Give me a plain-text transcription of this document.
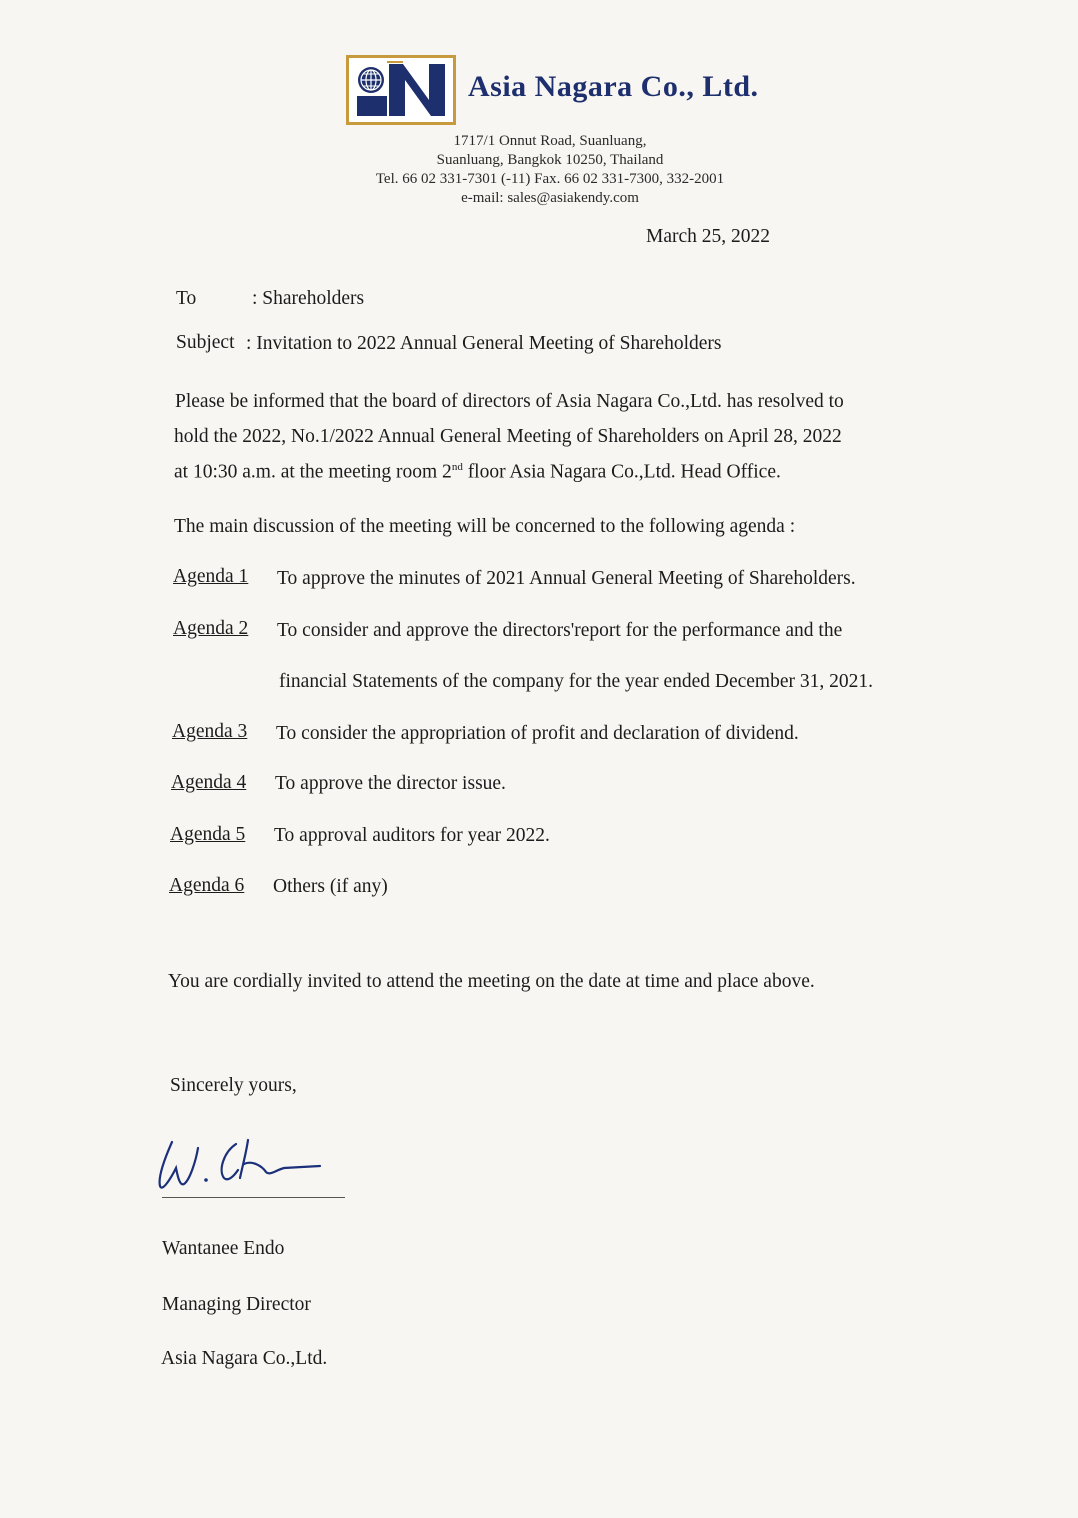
Asia Nagara Co., Ltd.
1717/1 Onnut Road, Suanluang,
Suanluang, Bangkok 10250, Thailand
Tel. 66 02 331-7301 (-11) Fax. 66 02 331-7300, 332-2001
e-mail: sales@asiakendy.com
March 25, 2022
To	: Shareholders
Subject : Invitation to 2022 Annual General Meeting of Shareholders
Please be informed that the board of directors of Asia Nagara Co.,Ltd. has resolved to
hold the 2022, No.1/2022 Annual General Meeting of Shareholders on April 28, 2022
at 10:30 a.m. at the meeting room 2nd floor Asia Nagara Co.,Ltd. Head Office.
The main discussion of the meeting will be concerned to the following agenda :
Agenda 1 To approve the minutes of 2021 Annual General Meeting of Shareholders.
Agenda 2 To consider and approve the directors'report for the performance and the
financial Statements of the company for the year ended December 31, 2021.
Agenda 3 To consider the appropriation of profit and declaration of dividend.
Agenda 4 To approve the director issue.
Agenda 5 To approval auditors for year 2022.
Agenda 6 Others (if any)
You are cordially invited to attend the meeting on the date at time and place above.
Sincerely yours,
Wantanee Endo
Managing Director
Asia Nagara Co.,Ltd.
